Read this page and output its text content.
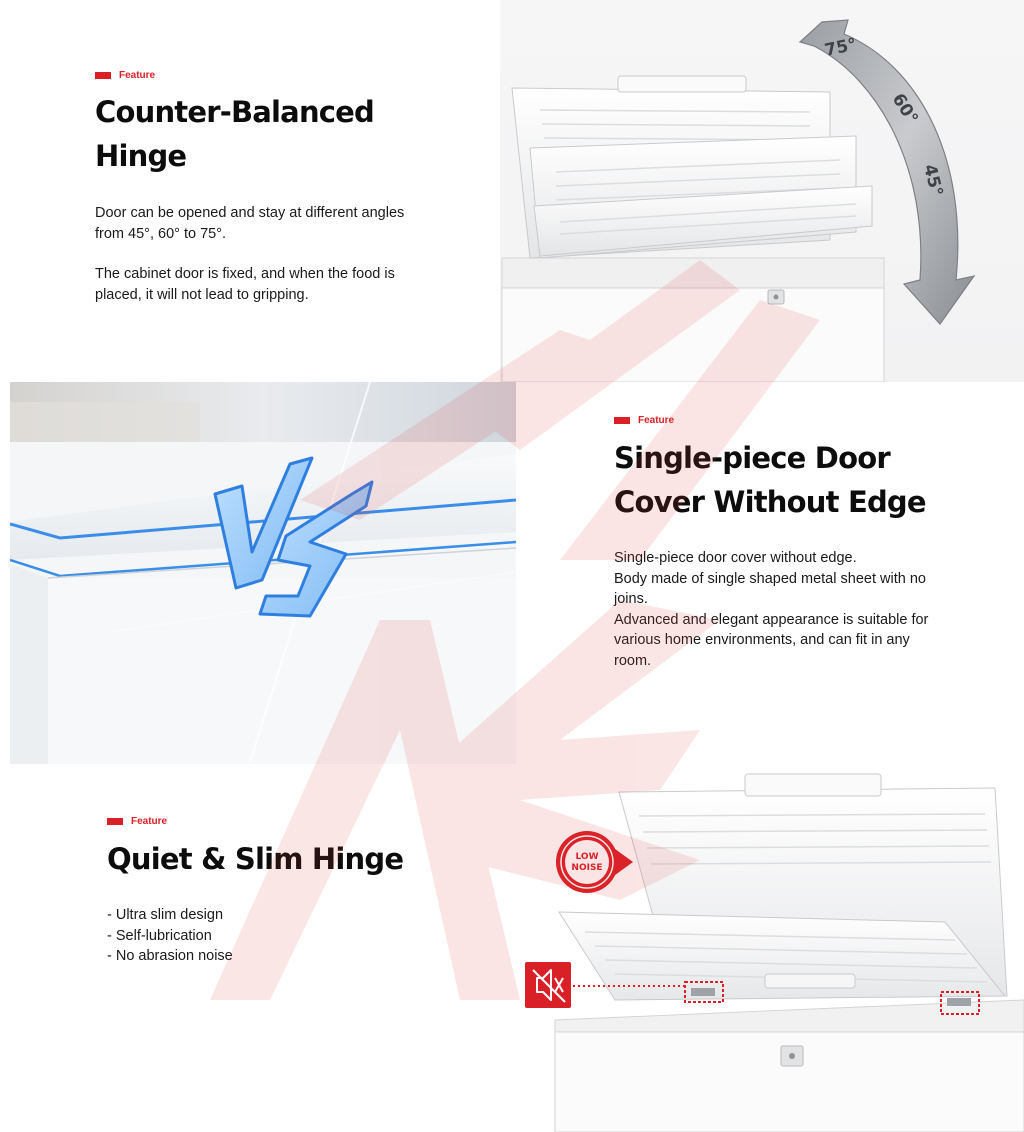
Feature
Counter-Balanced
Hinge

Door can be opened and stay at different angles from 45°, 60° to 75°.

The cabinet door is fixed, and when the food is placed, it will not lead to gripping.

75°
60°
45°
Feature
Single-piece Door
Cover Without Edge

Single-piece door cover without edge.

Body made of single shaped metal sheet with no joins.

Advanced and elegant appearance is suitable for various home environments, and can fit in any room.

Feature
Quiet & Slim Hinge

- Ultra slim design

- Self-lubrication

- No abrasion noise

LOW
NOISE
AES
